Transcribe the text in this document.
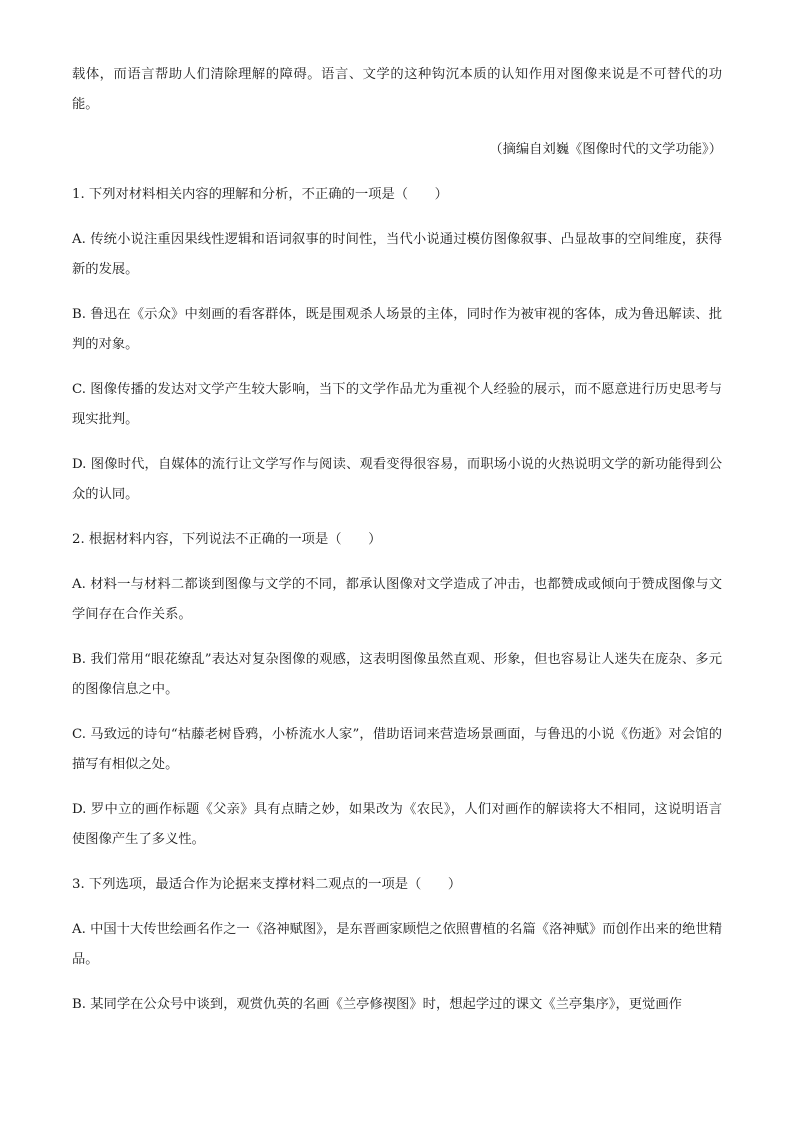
载体，而语言帮助人们清除理解的障碍。语言、文学的这种钩沉本质的认知作用对图像来说是不可替代的功能。

（摘编自刘巍《图像时代的文学功能》）

1. 下列对材料相关内容的理解和分析，不正确的一项是（　　）

A. 传统小说注重因果线性逻辑和语词叙事的时间性，当代小说通过模仿图像叙事、凸显故事的空间维度，获得新的发展。

B. 鲁迅在《示众》中刻画的看客群体，既是围观杀人场景的主体，同时作为被审视的客体，成为鲁迅解读、批判的对象。

C. 图像传播的发达对文学产生较大影响，当下的文学作品尤为重视个人经验的展示，而不愿意进行历史思考与现实批判。

D. 图像时代，自媒体的流行让文学写作与阅读、观看变得很容易，而职场小说的火热说明文学的新功能得到公众的认同。

2. 根据材料内容，下列说法不正确的一项是（　　）

A. 材料一与材料二都谈到图像与文学的不同，都承认图像对文学造成了冲击，也都赞成或倾向于赞成图像与文学间存在合作关系。

B. 我们常用“眼花缭乱”表达对复杂图像的观感，这表明图像虽然直观、形象，但也容易让人迷失在庞杂、多元的图像信息之中。

C. 马致远的诗句“枯藤老树昏鸦，小桥流水人家”，借助语词来营造场景画面，与鲁迅的小说《伤逝》对会馆的描写有相似之处。

D. 罗中立的画作标题《父亲》具有点睛之妙，如果改为《农民》，人们对画作的解读将大不相同，这说明语言使图像产生了多义性。

3. 下列选项，最适合作为论据来支撑材料二观点的一项是（　　）

A. 中国十大传世绘画名作之一《洛神赋图》，是东晋画家顾恺之依照曹植的名篇《洛神赋》而创作出来的绝世精品。

B. 某同学在公众号中谈到，观赏仇英的名画《兰亭修禊图》时，想起学过的课文《兰亭集序》，更觉画作
